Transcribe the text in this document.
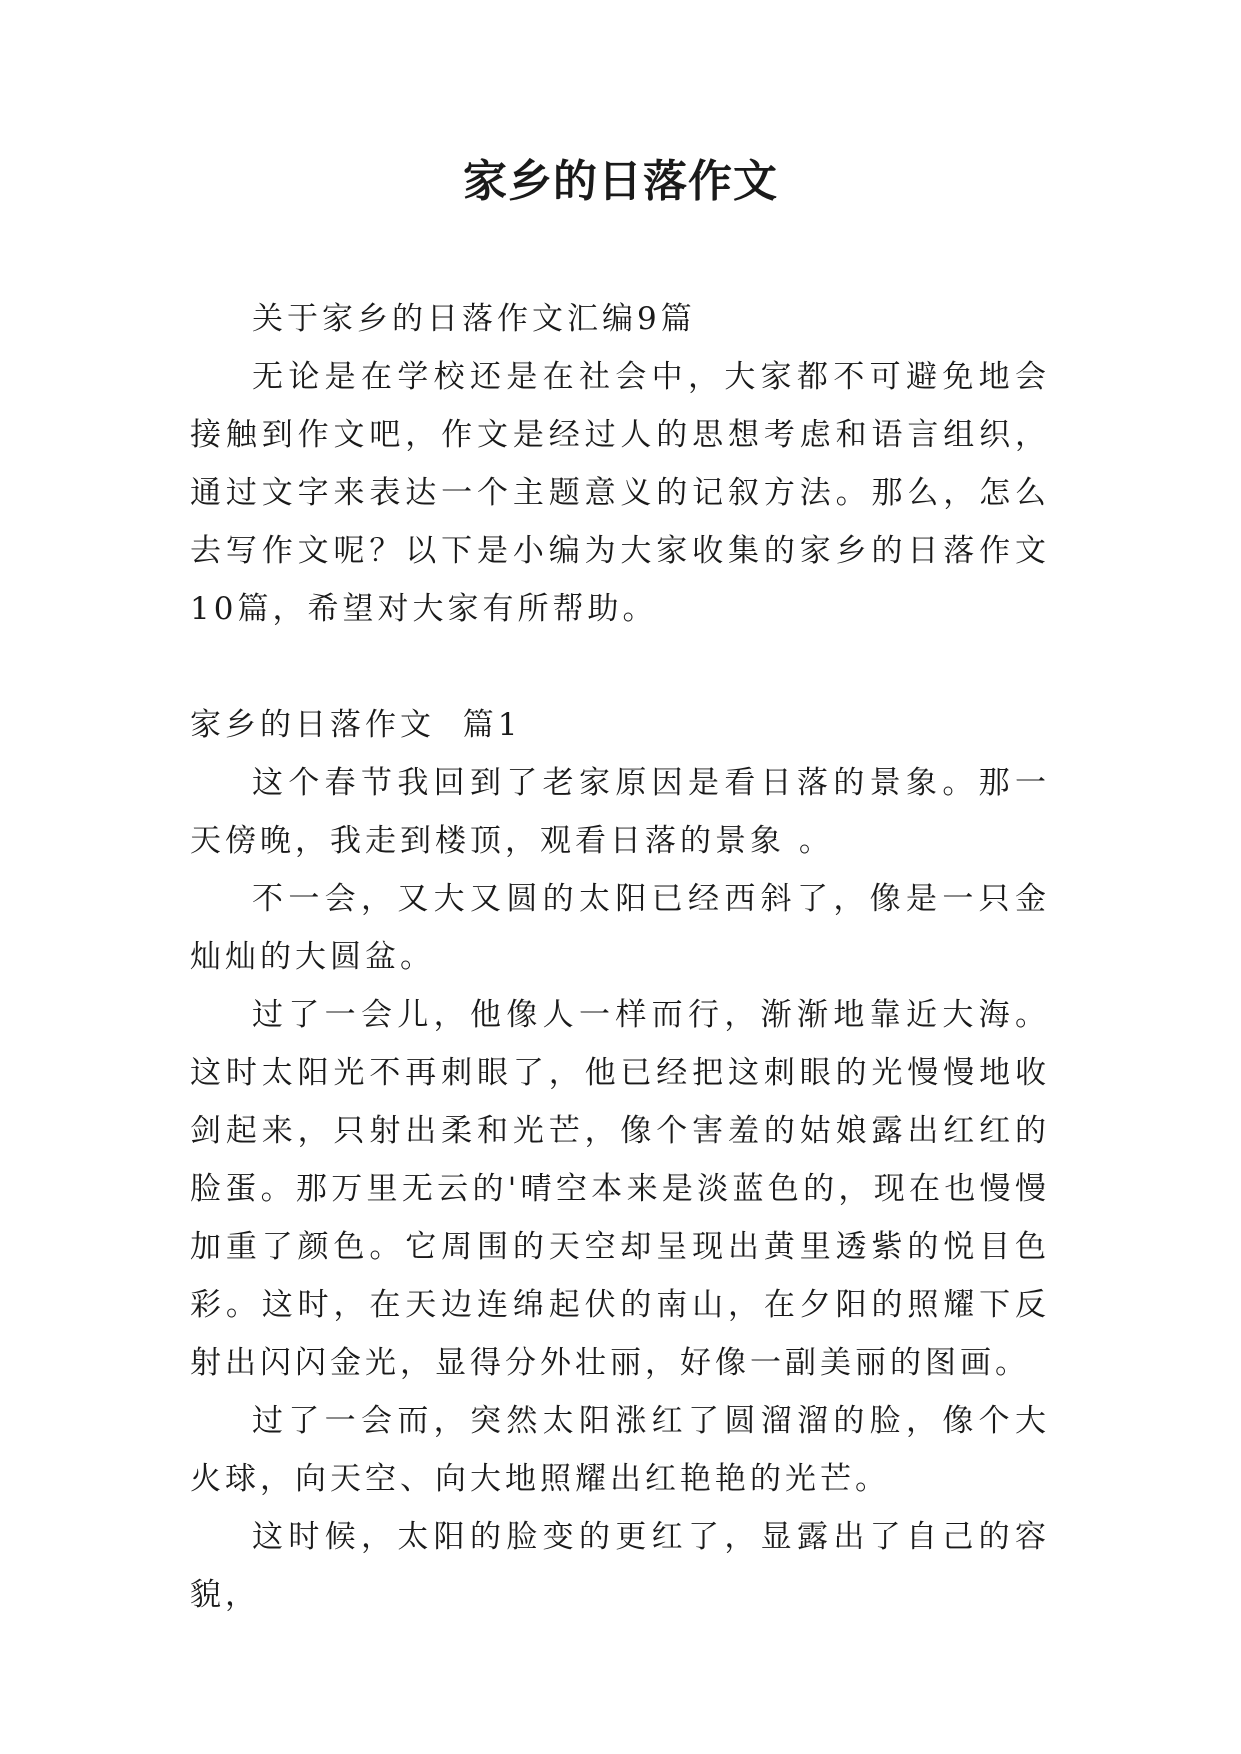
家乡的日落作文

关于家乡的日落作文汇编9篇

无论是在学校还是在社会中，大家都不可避免地会接触到作文吧，作文是经过人的思想考虑和语言组织，通过文字来表达一个主题意义的记叙方法。那么，怎么去写作文呢？以下是小编为大家收集的家乡的日落作文10篇，希望对大家有所帮助。

家乡的日落作文  篇1

这个春节我回到了老家原因是看日落的景象。那一天傍晚，我走到楼顶，观看日落的景象 。

不一会，又大又圆的太阳已经西斜了，像是一只金灿灿的大圆盆。

过了一会儿，他像人一样而行，渐渐地靠近大海。这时太阳光不再刺眼了，他已经把这刺眼的光慢慢地收剑起来，只射出柔和光芒，像个害羞的姑娘露出红红的脸蛋。那万里无云的'晴空本来是淡蓝色的，现在也慢慢加重了颜色。它周围的天空却呈现出黄里透紫的悦目色彩。这时，在天边连绵起伏的南山，在夕阳的照耀下反射出闪闪金光，显得分外壮丽，好像一副美丽的图画。

过了一会而，突然太阳涨红了圆溜溜的脸，像个大火球，向天空、向大地照耀出红艳艳的光芒。

这时候，太阳的脸变的更红了，显露出了自己的容貌，
